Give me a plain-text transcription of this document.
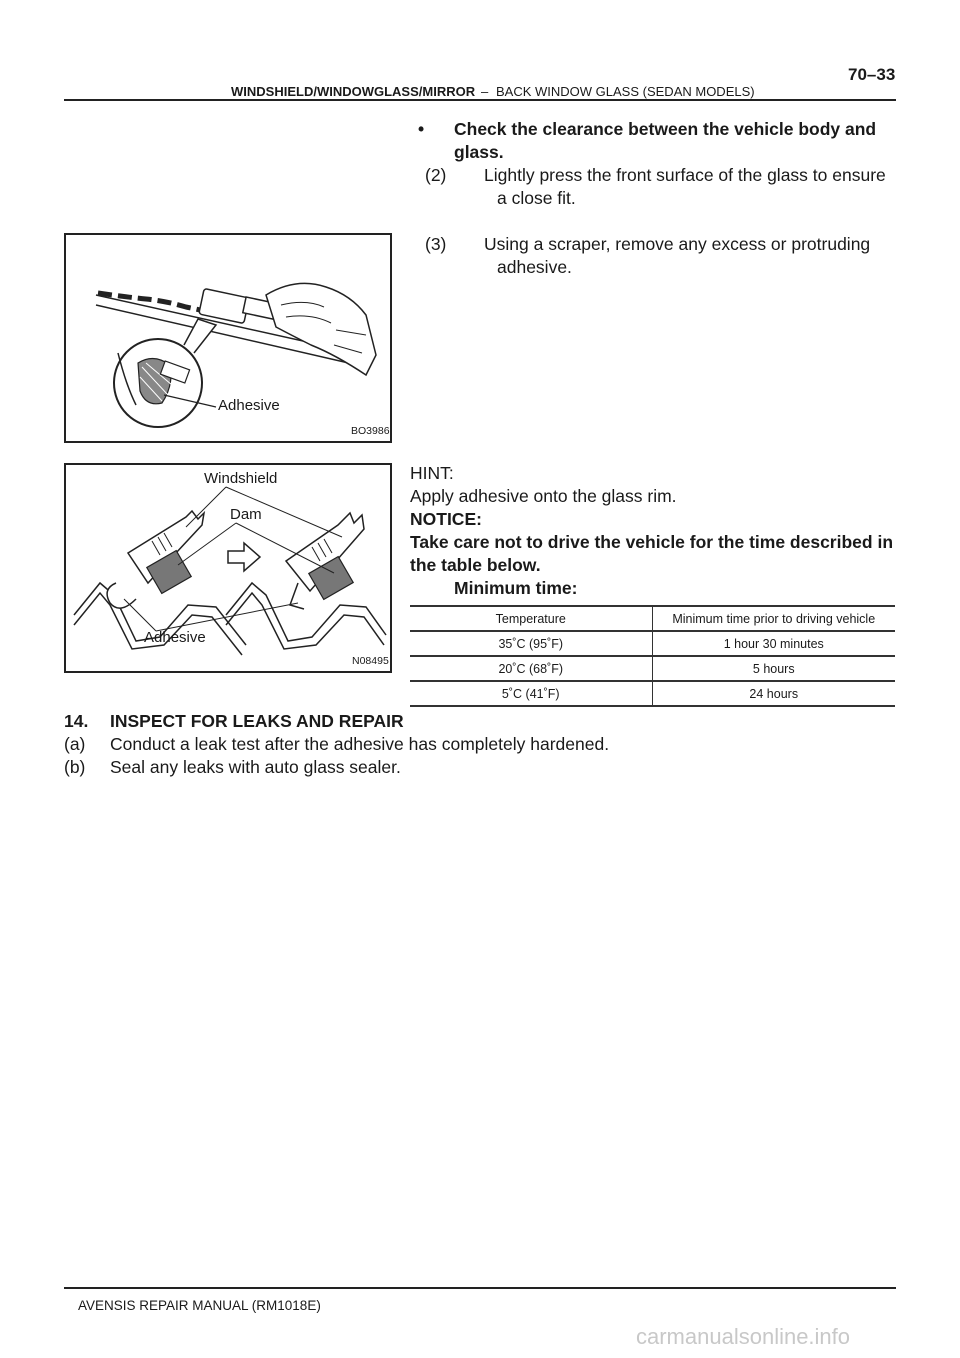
WINDSHIELD/WINDOWGLASS/MIRROR – BACK WINDOW GLASS (SEDAN MODELS)
70–33
• Check the clearance between the vehicle body and
glass.
(2) Lightly press the front surface of the glass to ensure
a close fit.
(3) Using a scraper, remove any excess or protruding
adhesive.
Adhesive
BO3986
Windshield
Dam
Adhesive
N08495
HINT:
Apply adhesive onto the glass rim.
NOTICE:
Take care not to drive the vehicle for the time described in
the table below.
Minimum time:
Temperature	Minimum time prior to driving vehicle
35˚C (95˚F)	1 hour 30 minutes
20˚C (68˚F)	5 hours
5˚C (41˚F)	24 hours
14. INSPECT FOR LEAKS AND REPAIR
(a) Conduct a leak test after the adhesive has completely hardened.
(b) Seal any leaks with auto glass sealer.
AVENSIS REPAIR MANUAL (RM1018E)
carmanualsonline.info
